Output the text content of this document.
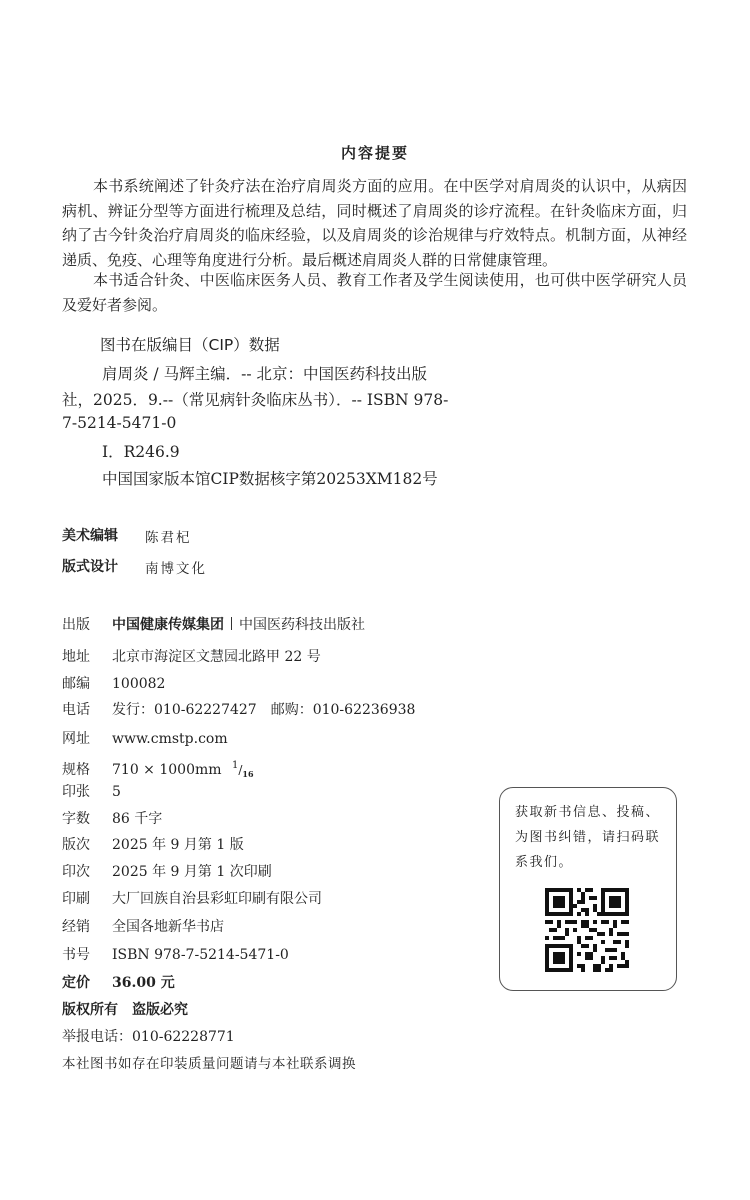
内容提要

本书系统阐述了针灸疗法在治疗肩周炎方面的应用。在中医学对肩周炎的认识中，从病因病机、辨证分型等方面进行梳理及总结，同时概述了肩周炎的诊疗流程。在针灸临床方面，归纳了古今针灸治疗肩周炎的临床经验，以及肩周炎的诊治规律与疗效特点。机制方面，从神经递质、免疫、心理等角度进行分析。最后概述肩周炎人群的日常健康管理。

本书适合针灸、中医临床医务人员、教育工作者及学生阅读使用，也可供中医学研究人员及爱好者参阅。

图书在版编目（CIP）数据
肩周炎 / 马辉主编．-- 北京：中国医药科技出版
社，2025．9.--（常见病针灸临床丛书）．-- ISBN 978-
7-5214-5471-0
Ⅰ．R246.9
中国国家版本馆CIP数据核字第20253XM182号
美术编辑 陈君杞
版式设计 南博文化
出版 中国健康传媒集团 中国医药科技出版社
地址 北京市海淀区文慧园北路甲 22 号
邮编 100082
电话 发行：010-62227427　邮购：010-62236938
网址 www.cmstp.com
规格 710 × 1000mm $^1/_{16}$
印张 5
字数 86 千字
版次 2025 年 9 月第 1 版
印次 2025 年 9 月第 1 次印刷
印刷 大厂回族自治县彩虹印刷有限公司
经销 全国各地新华书店
书号 ISBN 978-7-5214-5471-0
定价 36.00 元
版权所有　盗版必究
举报电话：010-62228771
本社图书如存在印装质量问题请与本社联系调换
获取新书信息、投稿、为图书纠错，请扫码联系我们。
